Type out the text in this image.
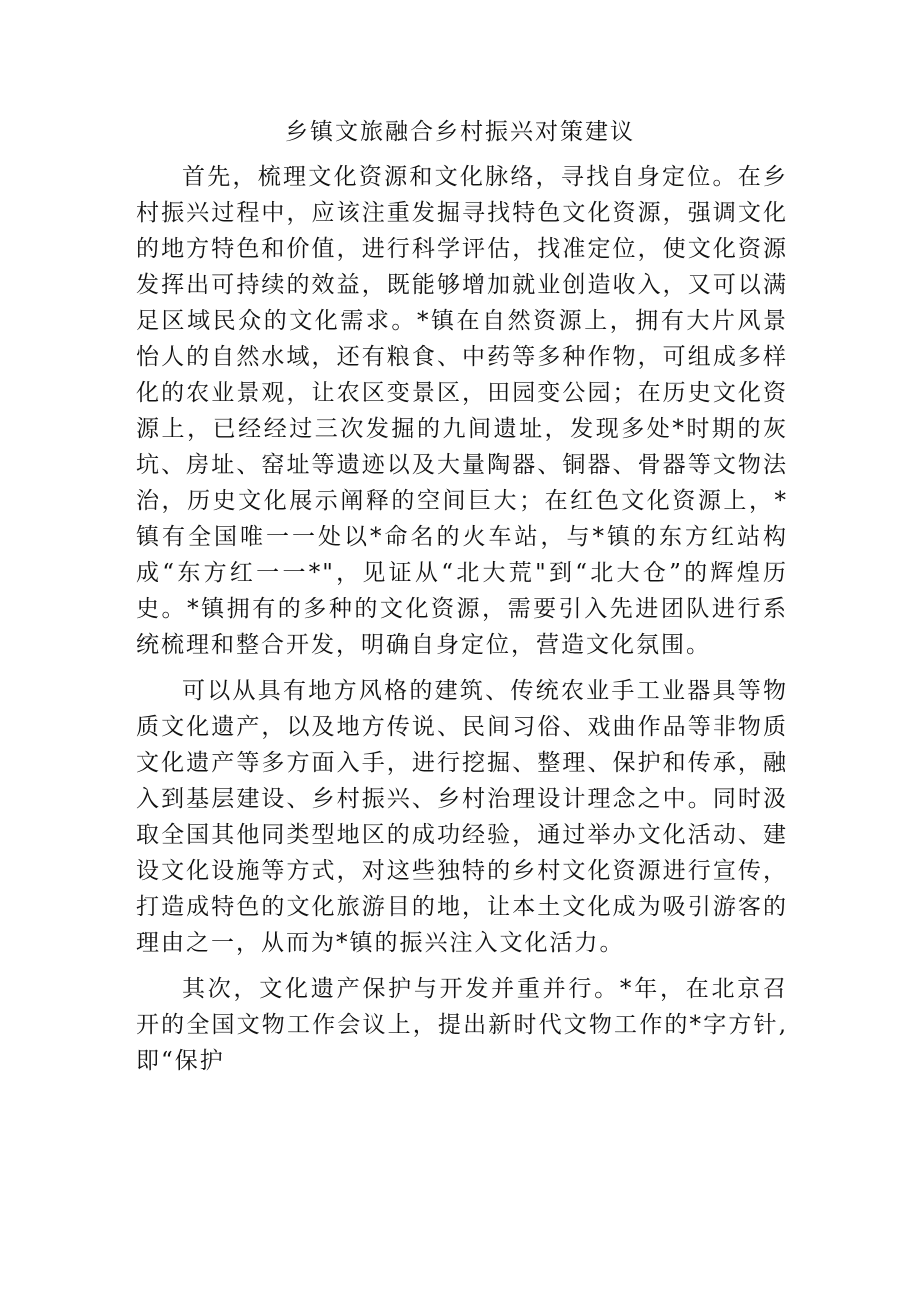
乡镇文旅融合乡村振兴对策建议

首先，梳理文化资源和文化脉络，寻找自身定位。在乡村振兴过程中，应该注重发掘寻找特色文化资源，强调文化的地方特色和价值，进行科学评估，找准定位，使文化资源发挥出可持续的效益，既能够增加就业创造收入，又可以满足区域民众的文化需求。*镇在自然资源上，拥有大片风景怡人的自然水域，还有粮食、中药等多种作物，可组成多样化的农业景观，让农区变景区，田园变公园；在历史文化资源上，已经经过三次发掘的九间遗址，发现多处*时期的灰坑、房址、窑址等遗迹以及大量陶器、铜器、骨器等文物法治，历史文化展示阐释的空间巨大；在红色文化资源上，*镇有全国唯一一处以*命名的火车站，与*镇的东方红站构成“东方红一一*"，见证从“北大荒"到“北大仓”的辉煌历史。*镇拥有的多种的文化资源，需要引入先进团队进行系统梳理和整合开发，明确自身定位，营造文化氛围。

可以从具有地方风格的建筑、传统农业手工业器具等物质文化遗产，以及地方传说、民间习俗、戏曲作品等非物质文化遗产等多方面入手，进行挖掘、整理、保护和传承，融入到基层建设、乡村振兴、乡村治理设计理念之中。同时汲取全国其他同类型地区的成功经验，通过举办文化活动、建设文化设施等方式，对这些独特的乡村文化资源进行宣传，打造成特色的文化旅游目的地，让本土文化成为吸引游客的理由之一，从而为*镇的振兴注入文化活力。

其次，文化遗产保护与开发并重并行。*年，在北京召开的全国文物工作会议上，提出新时代文物工作的*字方针,即“保护
